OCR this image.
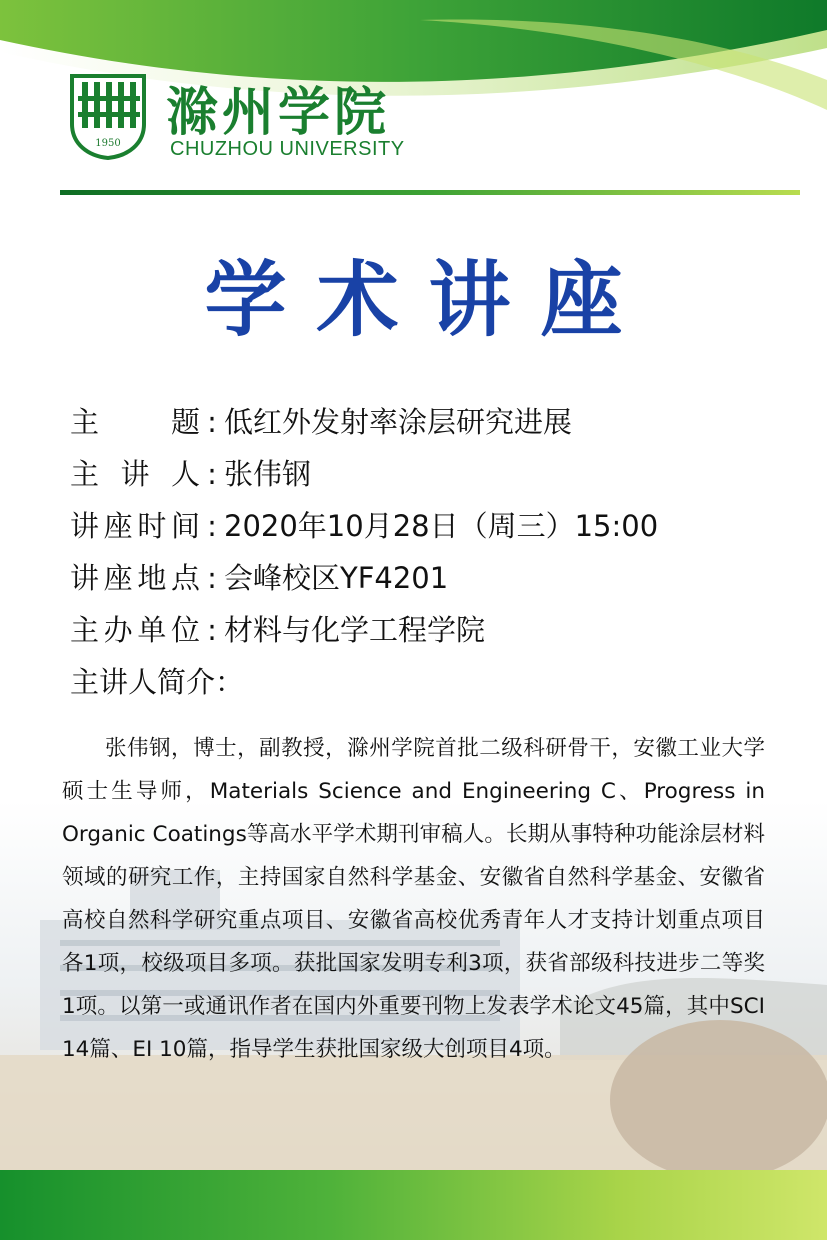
1950
滁州学院
CHUZHOU UNIVERSITY
学术讲座
主　　题 : 低红外发射率涂层研究进展
主 讲 人 : 张伟钢
讲座时间 : 2020年10月28日（周三）15:00
讲座地点 : 会峰校区YF4201
主办单位 : 材料与化学工程学院
主讲人简介：
张伟钢，博士，副教授，滁州学院首批二级科研骨干，安徽工业大学硕士生导师，Materials Science and Engineering C、Progress in Organic Coatings等高水平学术期刊审稿人。长期从事特种功能涂层材料领域的研究工作，主持国家自然科学基金、安徽省自然科学基金、安徽省高校自然科学研究重点项目、安徽省高校优秀青年人才支持计划重点项目各1项，校级项目多项。获批国家发明专利3项，获省部级科技进步二等奖1项。以第一或通讯作者在国内外重要刊物上发表学术论文45篇，其中SCI 14篇、EI 10篇，指导学生获批国家级大创项目4项。
